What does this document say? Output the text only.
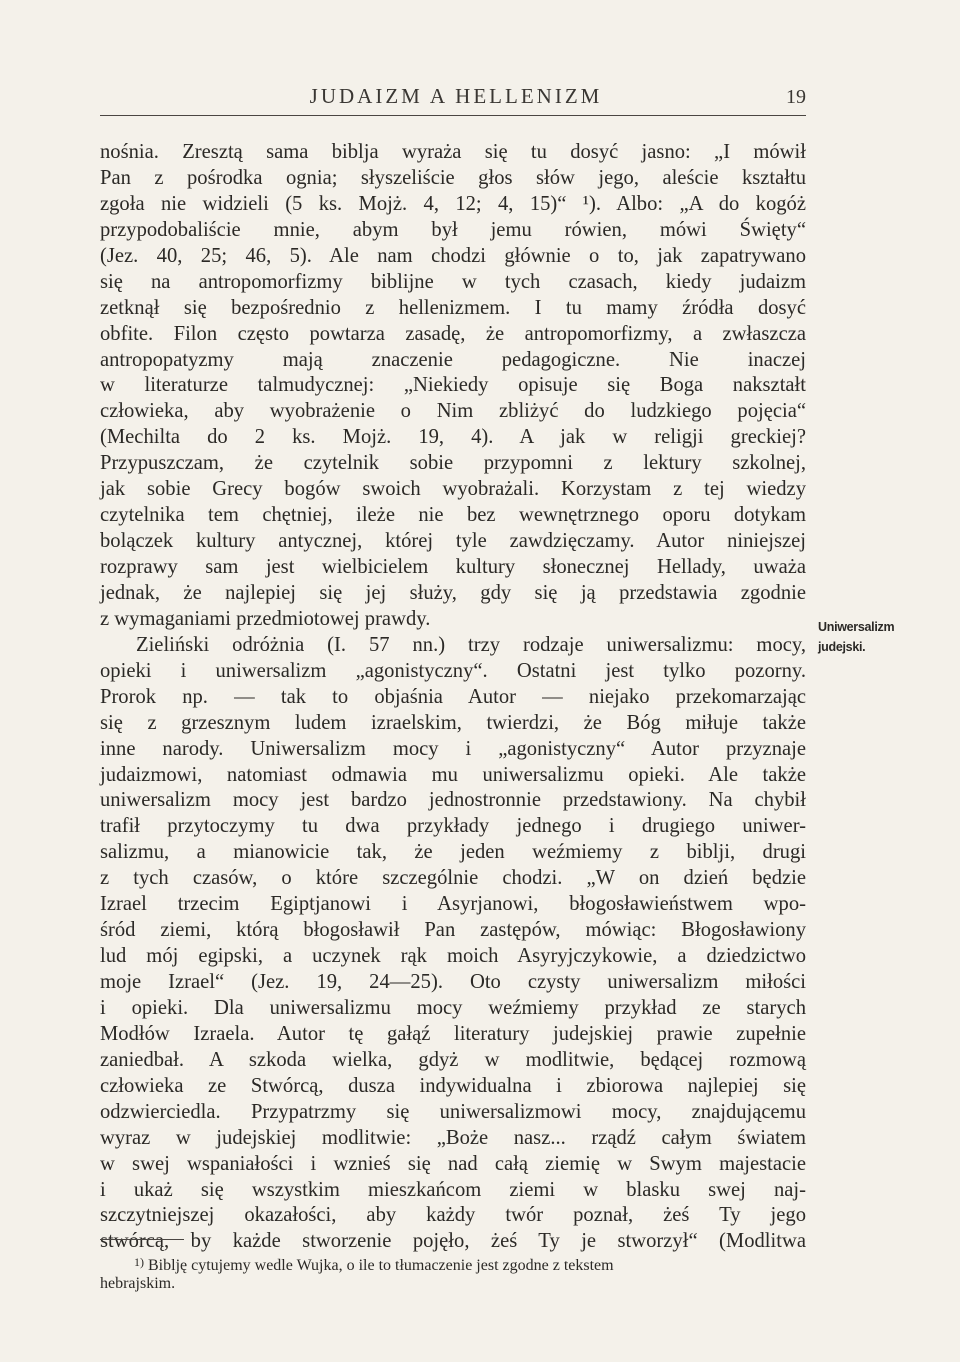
JUDAIZM A HELLENIZM	19
nośnia. Zresztą sama biblja wyraża się tu dosyć jasno: „I mówił
Pan z pośrodka ognia; słyszeliście głos słów jego, aleście kształtu
zgoła nie widzieli (5 ks. Mojż. 4, 12; 4, 15)“ ¹). Albo: „A do kogóż
przypodobaliście mnie, abym był jemu rówien, mówi Święty“
(Jez. 40, 25; 46, 5). Ale nam chodzi głównie o to, jak zapatrywano
się na antropomorfizmy biblijne w tych czasach, kiedy judaizm
zetknął się bezpośrednio z hellenizmem. I tu mamy źródła dosyć
obfite. Filon często powtarza zasadę, że antropomorfizmy, a zwłaszcza
antropopatyzmy mają znaczenie pedagogiczne. Nie inaczej
w literaturze talmudycznej: „Niekiedy opisuje się Boga nakształt
człowieka, aby wyobrażenie o Nim zbliżyć do ludzkiego pojęcia“
(Mechilta do 2 ks. Mojż. 19, 4). A jak w religji greckiej?
Przypuszczam, że czytelnik sobie przypomni z lektury szkolnej,
jak sobie Grecy bogów swoich wyobrażali. Korzystam z tej wiedzy
czytelnika tem chętniej, ileże nie bez wewnętrznego oporu dotykam
bolączek kultury antycznej, której tyle zawdzięczamy. Autor niniejszej
rozprawy sam jest wielbicielem kultury słonecznej Hellady, uważa
jednak, że najlepiej się jej służy, gdy się ją przedstawia zgodnie
z wymaganiami przedmiotowej prawdy.
Zieliński odróżnia (I. 57 nn.) trzy rodzaje uniwersalizmu: mocy,
opieki i uniwersalizm „agonistyczny“. Ostatni jest tylko pozorny.
Prorok np. — tak to objaśnia Autor — niejako przekomarzając
się z grzesznym ludem izraelskim, twierdzi, że Bóg miłuje także
inne narody. Uniwersalizm mocy i „agonistyczny“ Autor przyznaje
judaizmowi, natomiast odmawia mu uniwersalizmu opieki. Ale także
uniwersalizm mocy jest bardzo jednostronnie przedstawiony. Na chybił
trafił przytoczymy tu dwa przykłady jednego i drugiego uniwer-
salizmu, a mianowicie tak, że jeden weźmiemy z biblji, drugi
z tych czasów, o które szczególnie chodzi. „W on dzień będzie
Izrael trzecim Egiptjanowi i Asyrjanowi, błogosławieństwem wpo-
śród ziemi, którą błogosławił Pan zastępów, mówiąc: Błogosławiony
lud mój egipski, a uczynek rąk moich Asyryjczykowie, a dziedzictwo
moje Izrael“ (Jez. 19, 24—25). Oto czysty uniwersalizm miłości
i opieki. Dla uniwersalizmu mocy weźmiemy przykład ze starych
Modłów Izraela. Autor tę gałąź literatury judejskiej prawie zupełnie
zaniedbał. A szkoda wielka, gdyż w modlitwie, będącej rozmową
człowieka ze Stwórcą, dusza indywidualna i zbiorowa najlepiej się
odzwierciedla. Przypatrzmy się uniwersalizmowi mocy, znajdującemu
wyraz w judejskiej modlitwie: „Boże nasz... rządź całym światem
w swej wspaniałości i wznieś się nad całą ziemię w Swym majestacie
i ukaż się wszystkim mieszkańcom ziemi w blasku swej naj-
szczytniejszej okazałości, aby każdy twór poznał, żeś Ty jego
stwórcą, by każde stworzenie pojęło, żeś Ty je stworzył“ (Modlitwa
Uniwersalizm
judejski.
$^{1)}$ Biblję cytujemy wedle Wujka, o ile to tłumaczenie jest zgodne z tekstem
hebrajskim.
